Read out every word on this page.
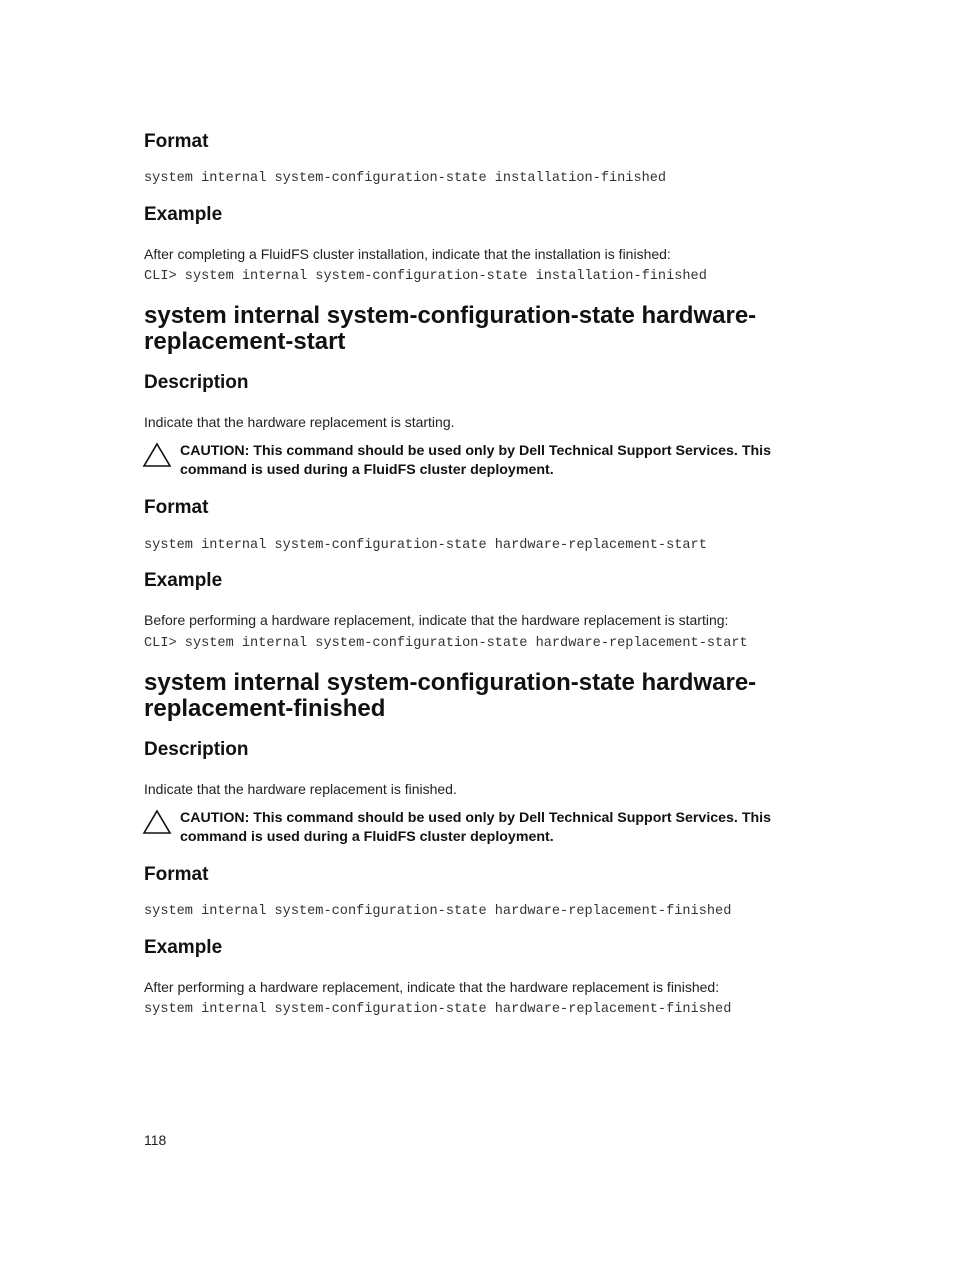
Format
system internal system-configuration-state installation-finished
Example
After completing a FluidFS cluster installation, indicate that the installation is finished:
CLI> system internal system-configuration-state installation-finished
system internal system-configuration-state hardware-replacement-start
Description
Indicate that the hardware replacement is starting.
CAUTION: This command should be used only by Dell Technical Support Services. This command is used during a FluidFS cluster deployment.
Format
system internal system-configuration-state hardware-replacement-start
Example
Before performing a hardware replacement, indicate that the hardware replacement is starting:
CLI> system internal system-configuration-state hardware-replacement-start
system internal system-configuration-state hardware-replacement-finished
Description
Indicate that the hardware replacement is finished.
CAUTION: This command should be used only by Dell Technical Support Services. This command is used during a FluidFS cluster deployment.
Format
system internal system-configuration-state hardware-replacement-finished
Example
After performing a hardware replacement, indicate that the hardware replacement is finished:
system internal system-configuration-state hardware-replacement-finished
118
